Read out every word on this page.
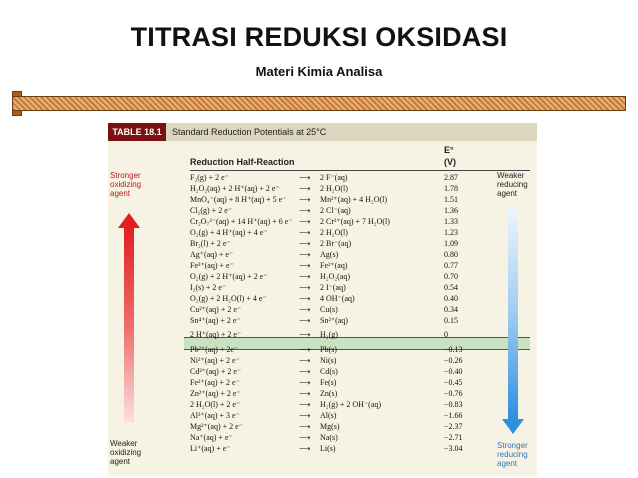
TITRASI REDUKSI OKSIDASI
Materi Kimia Analisa
TABLE 18.1	Standard Reduction Potentials at 25°C
Reduction Half-Reaction
E°
(V)
F₂(g) + 2 e⁻	⟶ 2 F⁻(aq)	2.87
H₂O₂(aq) + 2 H⁺(aq) + 2 e⁻ ⟶ 2 H₂O(l)	1.78
MnO₄⁻(aq) + 8 H⁺(aq) + 5 e⁻ ⟶ Mn²⁺(aq) + 4 H₂O(l)	1.51
Cl₂(g) + 2 e⁻	⟶ 2 Cl⁻(aq)	1.36
Cr₂O₇²⁻(aq) + 14 H⁺(aq) + 6 e⁻ ⟶ 2 Cr³⁺(aq) + 7 H₂O(l)	1.33
O₂(g) + 4 H⁺(aq) + 4 e⁻	⟶ 2 H₂O(l)	1.23
Br₂(l) + 2 e⁻	⟶ 2 Br⁻(aq)	1.09
Ag⁺(aq) + e⁻	⟶ Ag(s)	0.80
Fe³⁺(aq) + e⁻	⟶ Fe²⁺(aq)	0.77
O₂(g) + 2 H⁺(aq) + 2 e⁻	⟶ H₂O₂(aq)	0.70
I₂(s) + 2 e⁻	⟶ 2 I⁻(aq)	0.54
O₂(g) + 2 H₂O(l) + 4 e⁻	⟶ 4 OH⁻(aq)	0.40
Cu²⁺(aq) + 2 e⁻	⟶ Cu(s)	0.34
Sn⁴⁺(aq) + 2 e⁻	⟶ Sn²⁺(aq)	0.15
2 H⁺(aq) + 2 e⁻	⟶ H₂(g)	0
Pb²⁺(aq) + 2e⁻	⟶ Pb(s)	−0.13
Ni²⁺(aq) + 2 e⁻	⟶ Ni(s)	−0.26
Cd²⁺(aq) + 2 e⁻	⟶ Cd(s)	−0.40
Fe²⁺(aq) + 2 e⁻	⟶ Fe(s)	−0.45
Zn²⁺(aq) + 2 e⁻	⟶ Zn(s)	−0.76
2 H₂O(l) + 2 e⁻	⟶ H₂(g) + 2 OH⁻(aq)	−0.83
Al³⁺(aq) + 3 e⁻	⟶ Al(s)	−1.66
Mg²⁺(aq) + 2 e⁻	⟶ Mg(s)	−2.37
Na⁺(aq) + e⁻	⟶ Na(s)	−2.71
Li⁺(aq) + e⁻	⟶ Li(s)	−3.04
Stronger
oxidizing
agent
Weaker
oxidizing
agent
Weaker
reducing
agent
Stronger
reducing
agent
